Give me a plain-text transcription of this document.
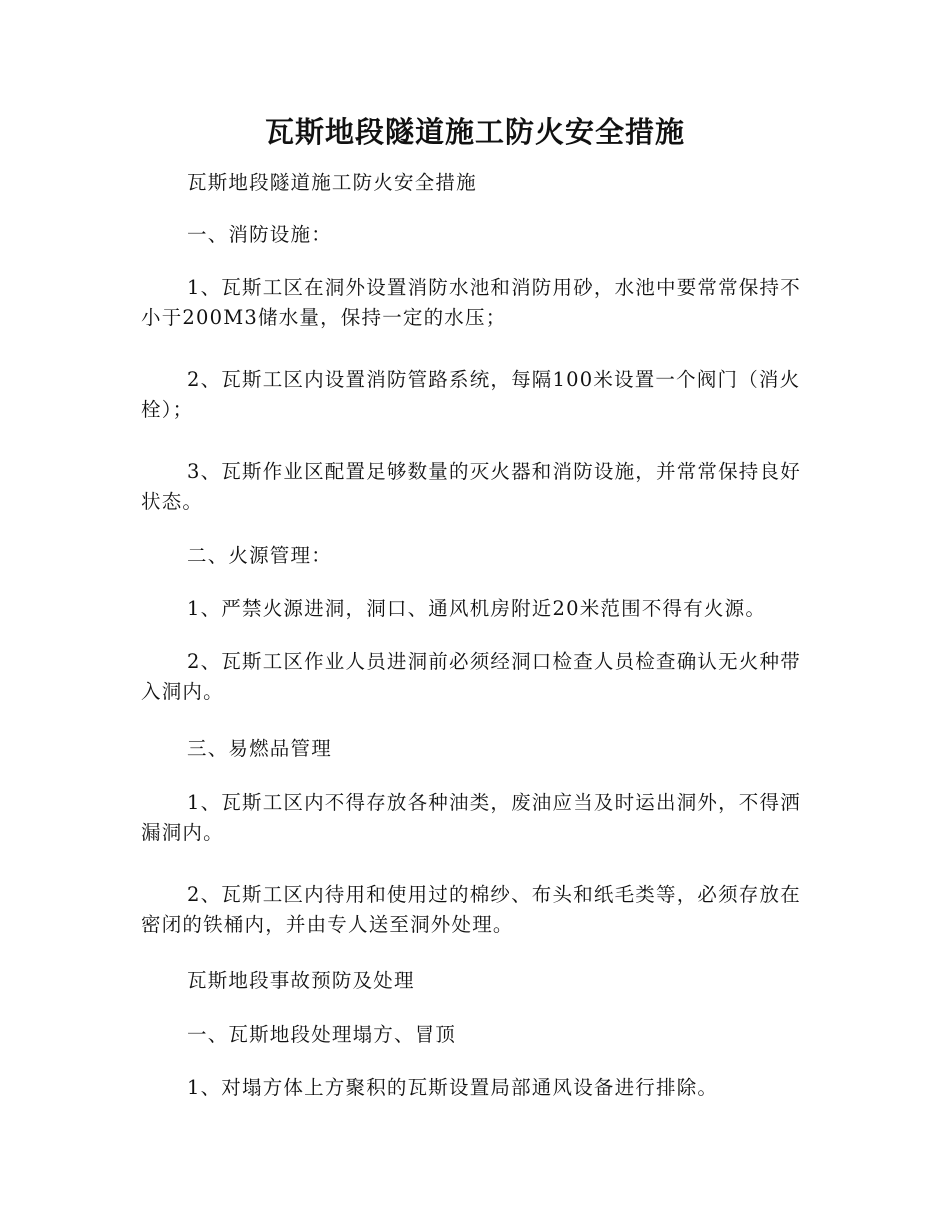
瓦斯地段隧道施工防火安全措施

瓦斯地段隧道施工防火安全措施

一、消防设施：

1、瓦斯工区在洞外设置消防水池和消防用砂，水池中要常常保持不小于200M3储水量，保持一定的水压；

2、瓦斯工区内设置消防管路系统，每隔100米设置一个阀门（消火栓）；

3、瓦斯作业区配置足够数量的灭火器和消防设施，并常常保持良好状态。

二、火源管理：

1、严禁火源进洞，洞口、通风机房附近20米范围不得有火源。

2、瓦斯工区作业人员进洞前必须经洞口检查人员检查确认无火种带入洞内。

三、易燃品管理

1、瓦斯工区内不得存放各种油类，废油应当及时运出洞外，不得洒漏洞内。

2、瓦斯工区内待用和使用过的棉纱、布头和纸毛类等，必须存放在密闭的铁桶内，并由专人送至洞外处理。

瓦斯地段事故预防及处理

一、瓦斯地段处理塌方、冒顶

1、对塌方体上方聚积的瓦斯设置局部通风设备进行排除。
